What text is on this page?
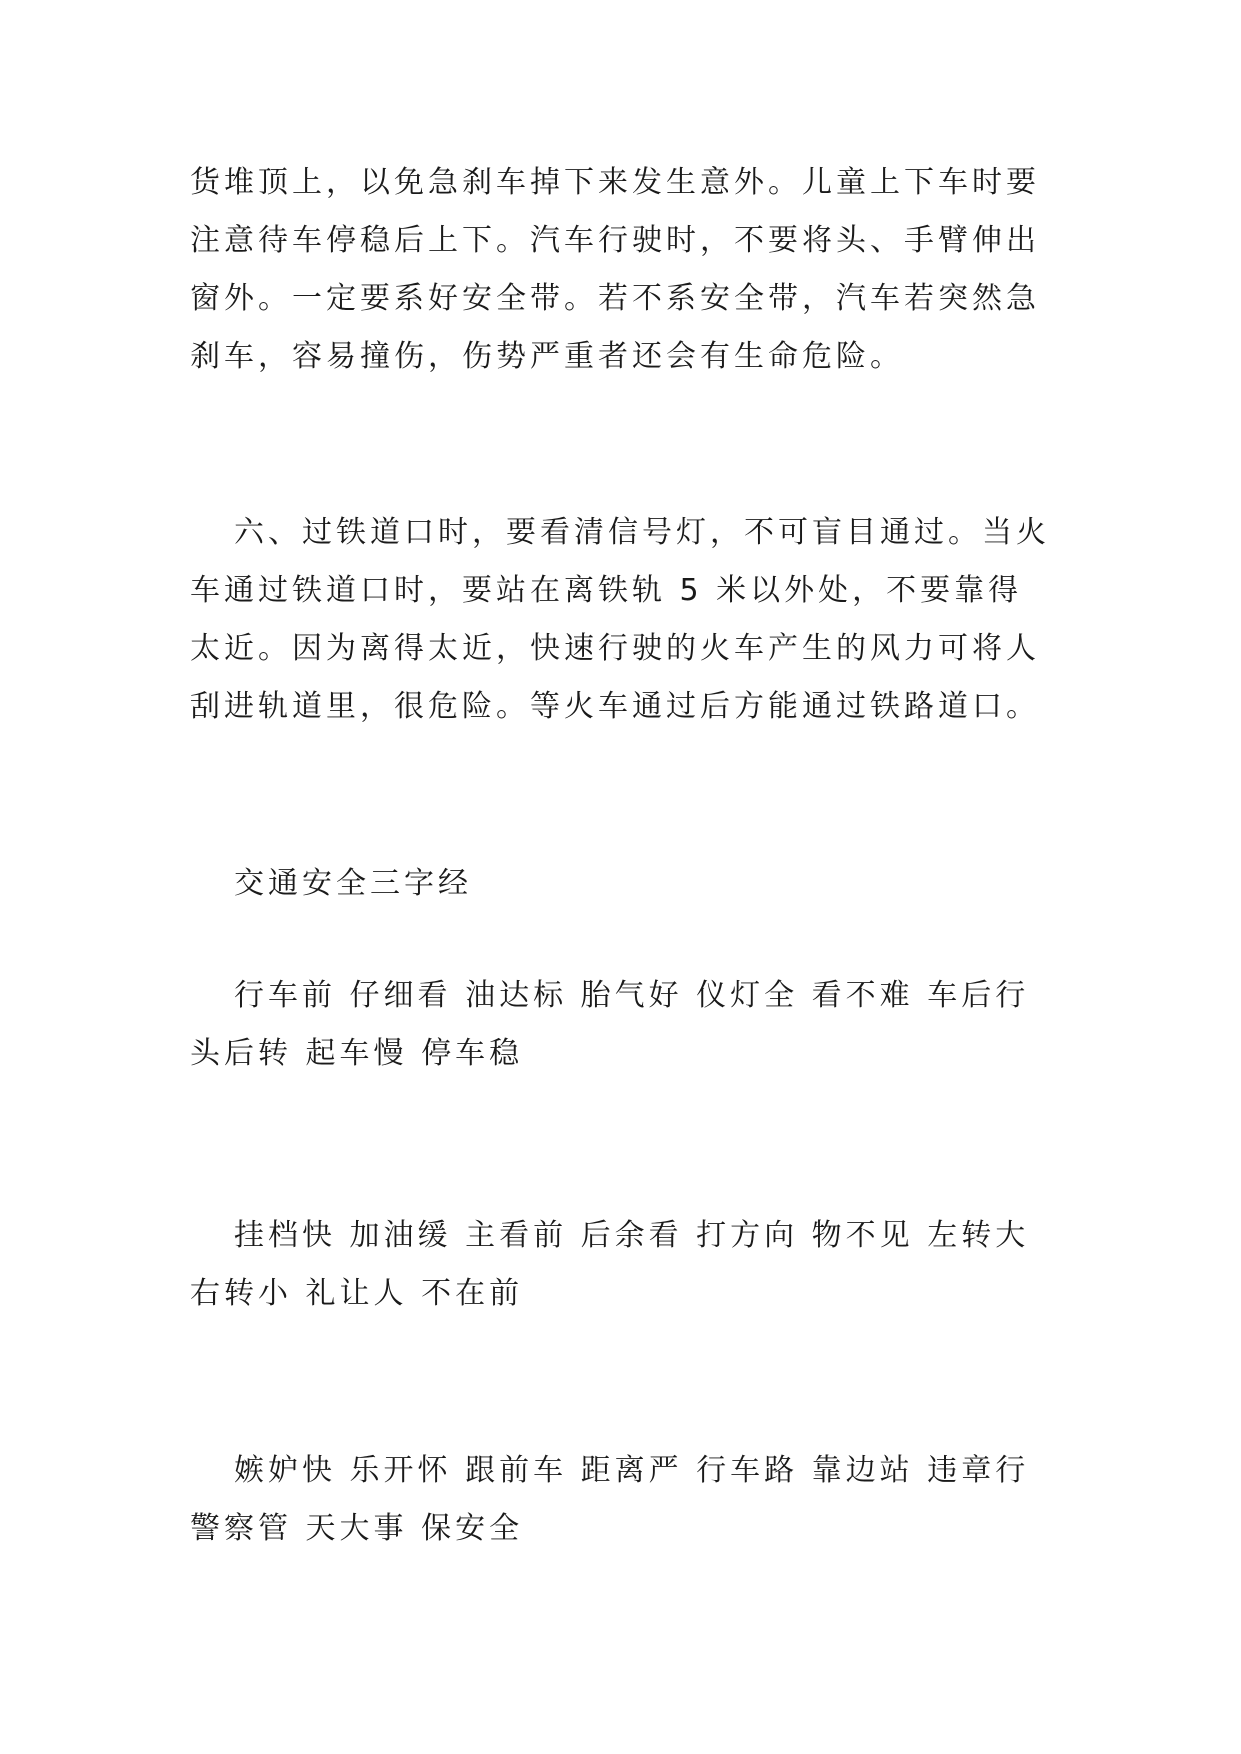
货堆顶上，以免急刹车掉下来发生意外。儿童上下车时要注意待车停稳后上下。汽车行驶时，不要将头、手臂伸出窗外。一定要系好安全带。若不系安全带，汽车若突然急刹车，容易撞伤，伤势严重者还会有生命危险。

六、过铁道口时，要看清信号灯，不可盲目通过。当火车通过铁道口时，要站在离铁轨 5 米以外处，不要靠得太近。因为离得太近，快速行驶的火车产生的风力可将人刮进轨道里，很危险。等火车通过后方能通过铁路道口。

交通安全三字经

行车前 仔细看 油达标 胎气好 仪灯全 看不难 车后行头后转 起车慢 停车稳

挂档快 加油缓 主看前 后余看 打方向 物不见 左转大右转小 礼让人 不在前

嫉妒快 乐开怀 跟前车 距离严 行车路 靠边站 违章行警察管 天大事 保安全
